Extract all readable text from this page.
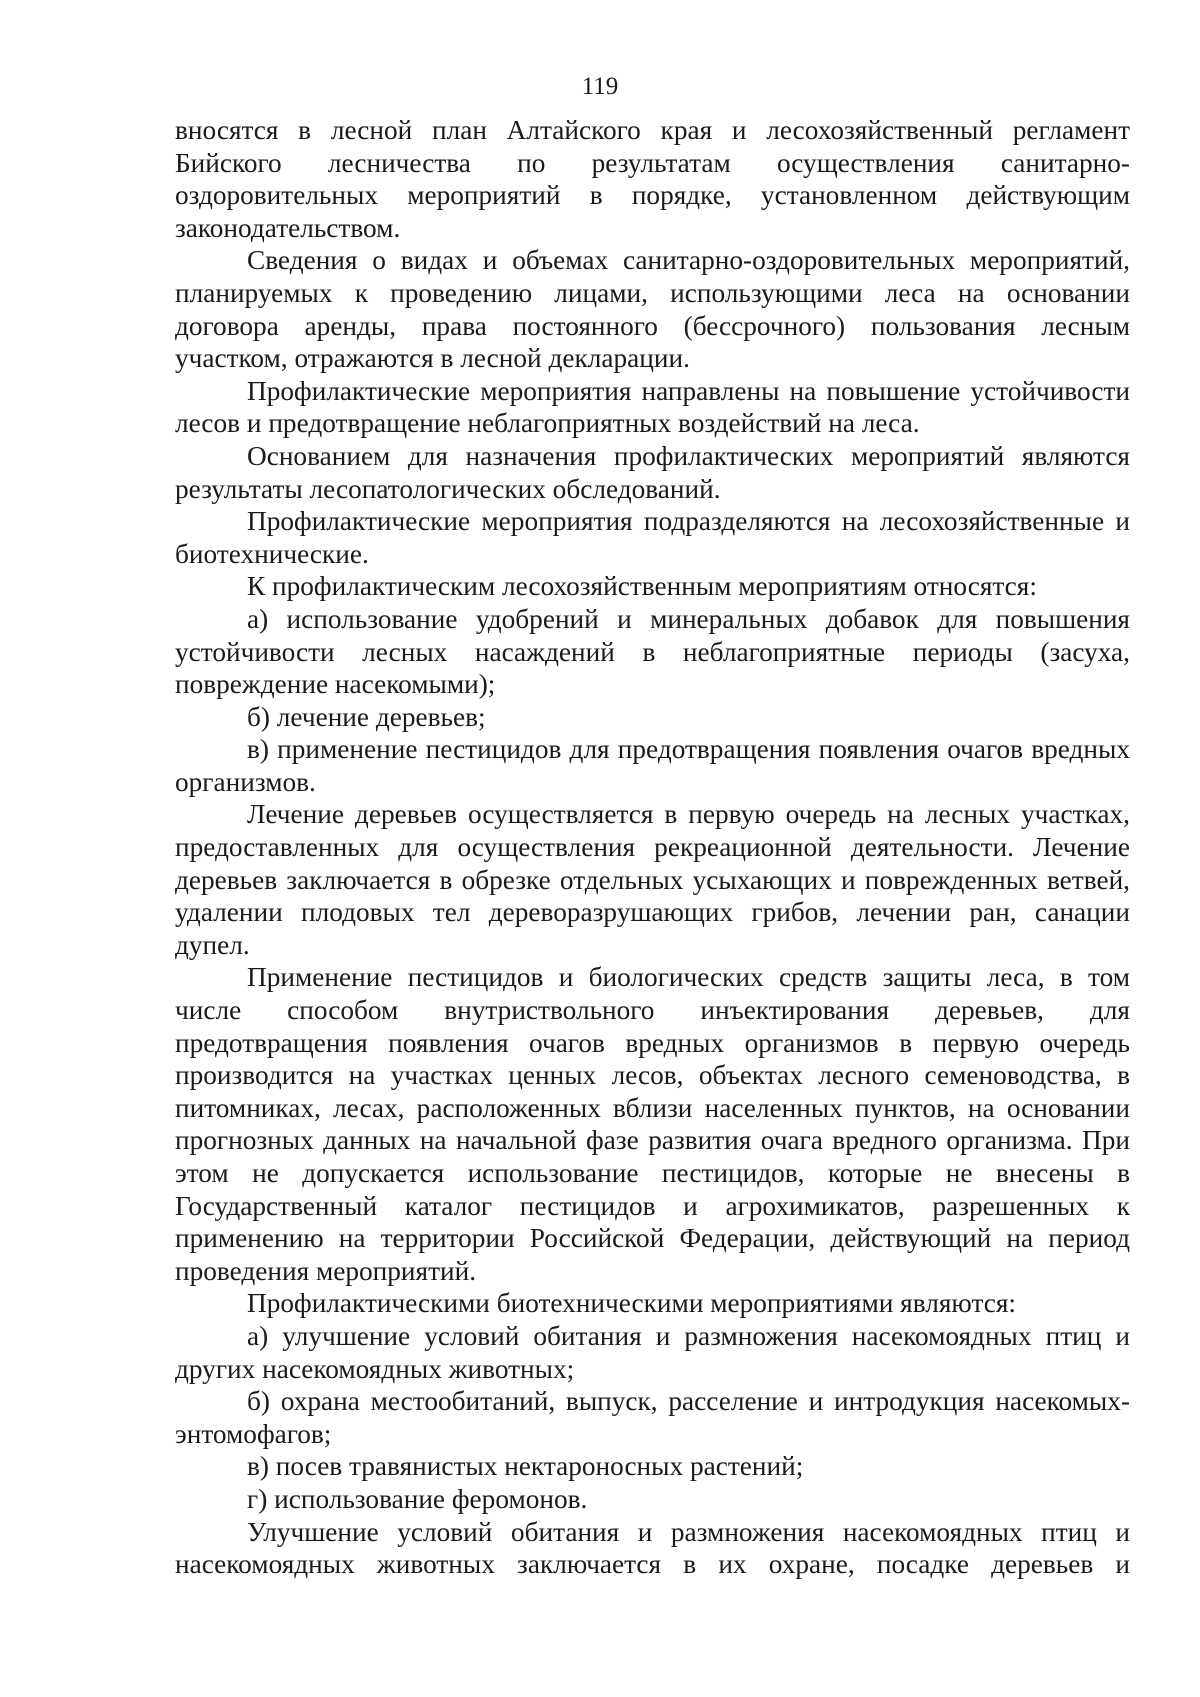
119

вносятся в лесной план Алтайского края и лесохозяйственный регламент Бийского лесничества по результатам осуществления санитарно-оздоровительных мероприятий в порядке, установленном действующим законодательством.

Сведения о видах и объемах санитарно-оздоровительных мероприятий, планируемых к проведению лицами, использующими леса на основании договора аренды, права постоянного (бессрочного) пользования лесным участком, отражаются в лесной декларации.

Профилактические мероприятия направлены на повышение устойчивости лесов и предотвращение неблагоприятных воздействий на леса.

Основанием для назначения профилактических мероприятий являются результаты лесопатологических обследований.

Профилактические мероприятия подразделяются на лесохозяйственные и биотехнические.

К профилактическим лесохозяйственным мероприятиям относятся:

а) использование удобрений и минеральных добавок для повышения устойчивости лесных насаждений в неблагоприятные периоды (засуха, повреждение насекомыми);

б) лечение деревьев;

в) применение пестицидов для предотвращения появления очагов вредных организмов.

Лечение деревьев осуществляется в первую очередь на лесных участках, предоставленных для осуществления рекреационной деятельности. Лечение деревьев заключается в обрезке отдельных усыхающих и поврежденных ветвей, удалении плодовых тел дереворазрушающих грибов, лечении ран, санации дупел.

Применение пестицидов и биологических средств защиты леса, в том числе способом внутриствольного инъектирования деревьев, для предотвращения появления очагов вредных организмов в первую очередь производится на участках ценных лесов, объектах лесного семеноводства, в питомниках, лесах, расположенных вблизи населенных пунктов, на основании прогнозных данных на начальной фазе развития очага вредного организма. При этом не допускается использование пестицидов, которые не внесены в Государственный каталог пестицидов и агрохимикатов, разрешенных к применению на территории Российской Федерации, действующий на период проведения мероприятий.

Профилактическими биотехническими мероприятиями являются:

а) улучшение условий обитания и размножения насекомоядных птиц и других насекомоядных животных;

б) охрана местообитаний, выпуск, расселение и интродукция насекомых-энтомофагов;

в) посев травянистых нектароносных растений;

г) использование феромонов.

Улучшение условий обитания и размножения насекомоядных птиц и насекомоядных животных заключается в их охране, посадке деревьев и
